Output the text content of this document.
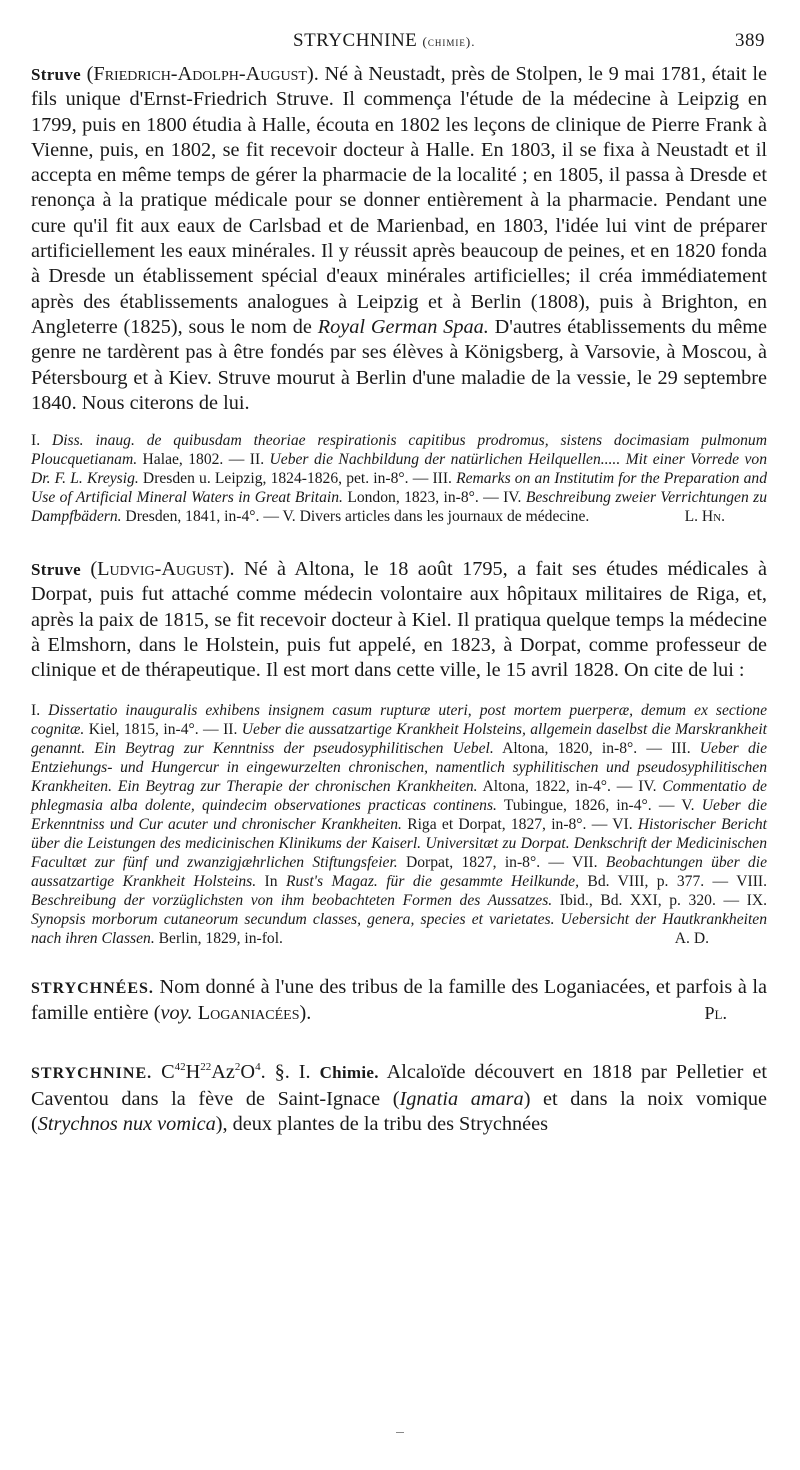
STRYCHNINE (chimie).	389

Struve (Friedrich-Adolph-August). Né à Neustadt, près de Stolpen, le 9 mai 1781, était le fils unique d'Ernst-Friedrich Struve. Il commença l'étude de la médecine à Leipzig en 1799, puis en 1800 étudia à Halle, écouta en 1802 les leçons de clinique de Pierre Frank à Vienne, puis, en 1802, se fit recevoir docteur à Halle. En 1803, il se fixa à Neustadt et il accepta en même temps de gérer la pharmacie de la localité ; en 1805, il passa à Dresde et renonça à la pratique médicale pour se donner entièrement à la pharmacie. Pendant une cure qu'il fit aux eaux de Carlsbad et de Marienbad, en 1803, l'idée lui vint de préparer artificiellement les eaux minérales. Il y réussit après beaucoup de peines, et en 1820 fonda à Dresde un établissement spécial d'eaux minérales artificielles; il créa immédiatement après des établissements analogues à Leipzig et à Berlin (1808), puis à Brighton, en Angleterre (1825), sous le nom de Royal German Spaa. D'autres établissements du même genre ne tardèrent pas à être fondés par ses élèves à Königsberg, à Varsovie, à Moscou, à Pétersbourg et à Kiev. Struve mourut à Berlin d'une maladie de la vessie, le 29 septembre 1840. Nous citerons de lui.

I. Diss. inaug. de quibusdam theoriae respirationis capitibus prodromus, sistens docimasiam pulmonum Ploucquetianam. Halae, 1802. — II. Ueber die Nachbildung der natürlichen Heilquellen..... Mit einer Vorrede von Dr. F. L. Kreysig. Dresden u. Leipzig, 1824-1826, pet. in-8°. — III. Remarks on an Institutim for the Preparation and Use of Artificial Mineral Waters in Great Britain. London, 1823, in-8°. — IV. Beschreibung zweier Verrichtungen zu Dampfbädern. Dresden, 1841, in-4°. — V. Divers articles dans les journaux de médecine.	L. Hn.

Struve (Ludvig-August). Né à Altona, le 18 août 1795, a fait ses études médicales à Dorpat, puis fut attaché comme médecin volontaire aux hôpitaux militaires de Riga, et, après la paix de 1815, se fit recevoir docteur à Kiel. Il pratiqua quelque temps la médecine à Elmshorn, dans le Holstein, puis fut appelé, en 1823, à Dorpat, comme professeur de clinique et de thérapeutique. Il est mort dans cette ville, le 15 avril 1828. On cite de lui :

I. Dissertatio inauguralis exhibens insignem casum rupturæ uteri, post mortem puerperæ, demum ex sectione cognitæ. Kiel, 1815, in-4°. — II. Ueber die aussatzartige Krankheit Holsteins, allgemein daselbst die Marskrankheit genannt. Ein Beytrag zur Kenntniss der pseudosyphilitischen Uebel. Altona, 1820, in-8°. — III. Ueber die Entziehungs- und Hungercur in eingewurzelten chronischen, namentlich syphilitischen und pseudosyphilitischen Krankheiten. Ein Beytrag zur Therapie der chronischen Krankheiten. Altona, 1822, in-4°. — IV. Commentatio de phlegmasia alba dolente, quindecim observationes practicas continens. Tubingue, 1826, in-4°. — V. Ueber die Erkenntniss und Cur acuter und chronischer Krankheiten. Riga et Dorpat, 1827, in-8°. — VI. Historischer Bericht über die Leistungen des medicinischen Klinikums der Kaiserl. Universitæt zu Dorpat. Denkschrift der Medicinischen Facultæt zur fünf und zwanzigjæhrlichen Stiftungsfeier. Dorpat, 1827, in-8°. — VII. Beobachtungen über die aussatzartige Krankheit Holsteins. In Rust's Magaz. für die gesammte Heilkunde, Bd. VIII, p. 377. — VIII. Beschreibung der vorzüglichsten von ihm beobachteten Formen des Aussatzes. Ibid., Bd. XXI, p. 320. — IX. Synopsis morborum cutaneorum secundum classes, genera, species et varietates. Uebersicht der Hautkrankheiten nach ihren Classen. Berlin, 1829, in-fol.	A. D.

STRYCHNÉES. Nom donné à l'une des tribus de la famille des Loganiacées, et parfois à la famille entière (voy. Loganiacées).	Pl.

STRYCHNINE. $C^{42}H^{22}Az^2O^4$. §. I. Chimie. Alcaloïde découvert en 1818 par Pelletier et Caventou dans la fève de Saint-Ignace (Ignatia amara) et dans la noix vomique (Strychnos nux vomica), deux plantes de la tribu des Strychnées
